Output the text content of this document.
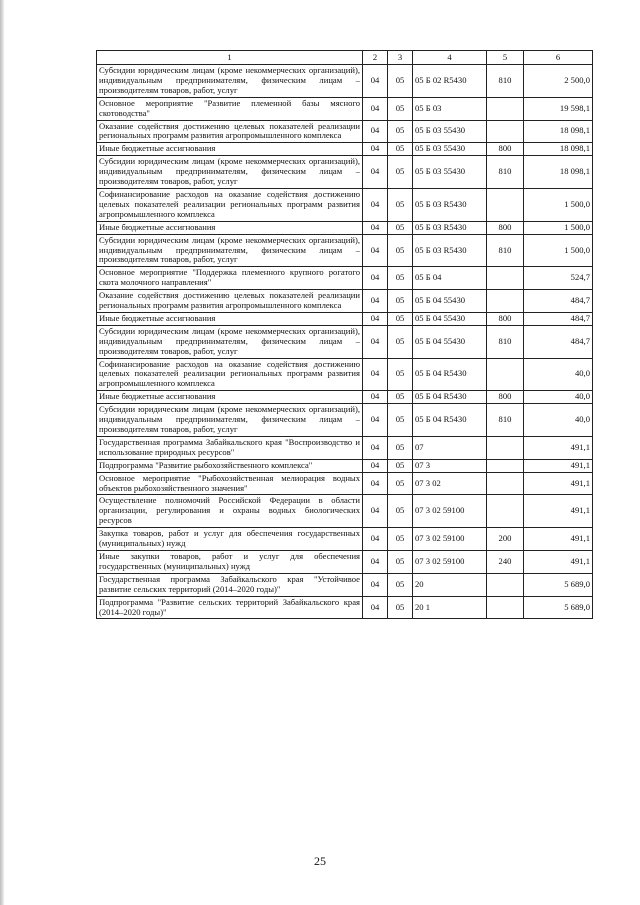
1	2	3	4	5	6
Субсидии юридическим лицам (кроме некоммерческих организаций), индивидуальным предпринимателям, физическим лицам – производителям товаров, работ, услуг	04	05	05 Б 02 R5430	810	2 500,0
Основное мероприятие "Развитие племенной базы мясного скотоводства"	04	05	05 Б 03		19 598,1
Оказание содействия достижению целевых показателей реализации региональных программ развития агропромышленного комплекса	04	05	05 Б 03 55430		18 098,1
Иные бюджетные ассигнования	04	05	05 Б 03 55430	800	18 098,1
Субсидии юридическим лицам (кроме некоммерческих организаций), индивидуальным предпринимателям, физическим лицам – производителям товаров, работ, услуг	04	05	05 Б 03 55430	810	18 098,1
Софинансирование расходов на оказание содействия достижению целевых показателей реализации региональных программ развития агропромышленного комплекса	04	05	05 Б 03 R5430		1 500,0
Иные бюджетные ассигнования	04	05	05 Б 03 R5430	800	1 500,0
Субсидии юридическим лицам (кроме некоммерческих организаций), индивидуальным предпринимателям, физическим лицам – производителям товаров, работ, услуг	04	05	05 Б 03 R5430	810	1 500,0
Основное мероприятие "Поддержка племенного крупного рогатого скота молочного направления"	04	05	05 Б 04		524,7
Оказание содействия достижению целевых показателей реализации региональных программ развития агропромышленного комплекса	04	05	05 Б 04 55430		484,7
Иные бюджетные ассигнования	04	05	05 Б 04 55430	800	484,7
Субсидии юридическим лицам (кроме некоммерческих организаций), индивидуальным предпринимателям, физическим лицам – производителям товаров, работ, услуг	04	05	05 Б 04 55430	810	484,7
Софинансирование расходов на оказание содействия достижению целевых показателей реализации региональных программ развития агропромышленного комплекса	04	05	05 Б 04 R5430		40,0
Иные бюджетные ассигнования	04	05	05 Б 04 R5430	800	40,0
Субсидии юридическим лицам (кроме некоммерческих организаций), индивидуальным предпринимателям, физическим лицам – производителям товаров, работ, услуг	04	05	05 Б 04 R5430	810	40,0
Государственная программа Забайкальского края "Воспроизводство и использование природных ресурсов"	04	05	07		491,1
Подпрограмма "Развитие рыбохозяйственного комплекса"	04	05	07 3		491,1
Основное мероприятие "Рыбохозяйственная мелиорация водных объектов рыбохозяйственного значения"	04	05	07 3 02		491,1
Осуществление полномочий Российской Федерации в области организации, регулирования и охраны водных биологических ресурсов	04	05	07 3 02 59100		491,1
Закупка товаров, работ и услуг для обеспечения государственных (муниципальных) нужд	04	05	07 3 02 59100	200	491,1
Иные закупки товаров, работ и услуг для обеспечения государственных (муниципальных) нужд	04	05	07 3 02 59100	240	491,1
Государственная программа Забайкальского края "Устойчивое развитие сельских территорий (2014–2020 годы)"	04	05	20		5 689,0
Подпрограмма "Развитие сельских территорий Забайкальского края (2014–2020 годы)"	04	05	20 1		5 689,0
25
